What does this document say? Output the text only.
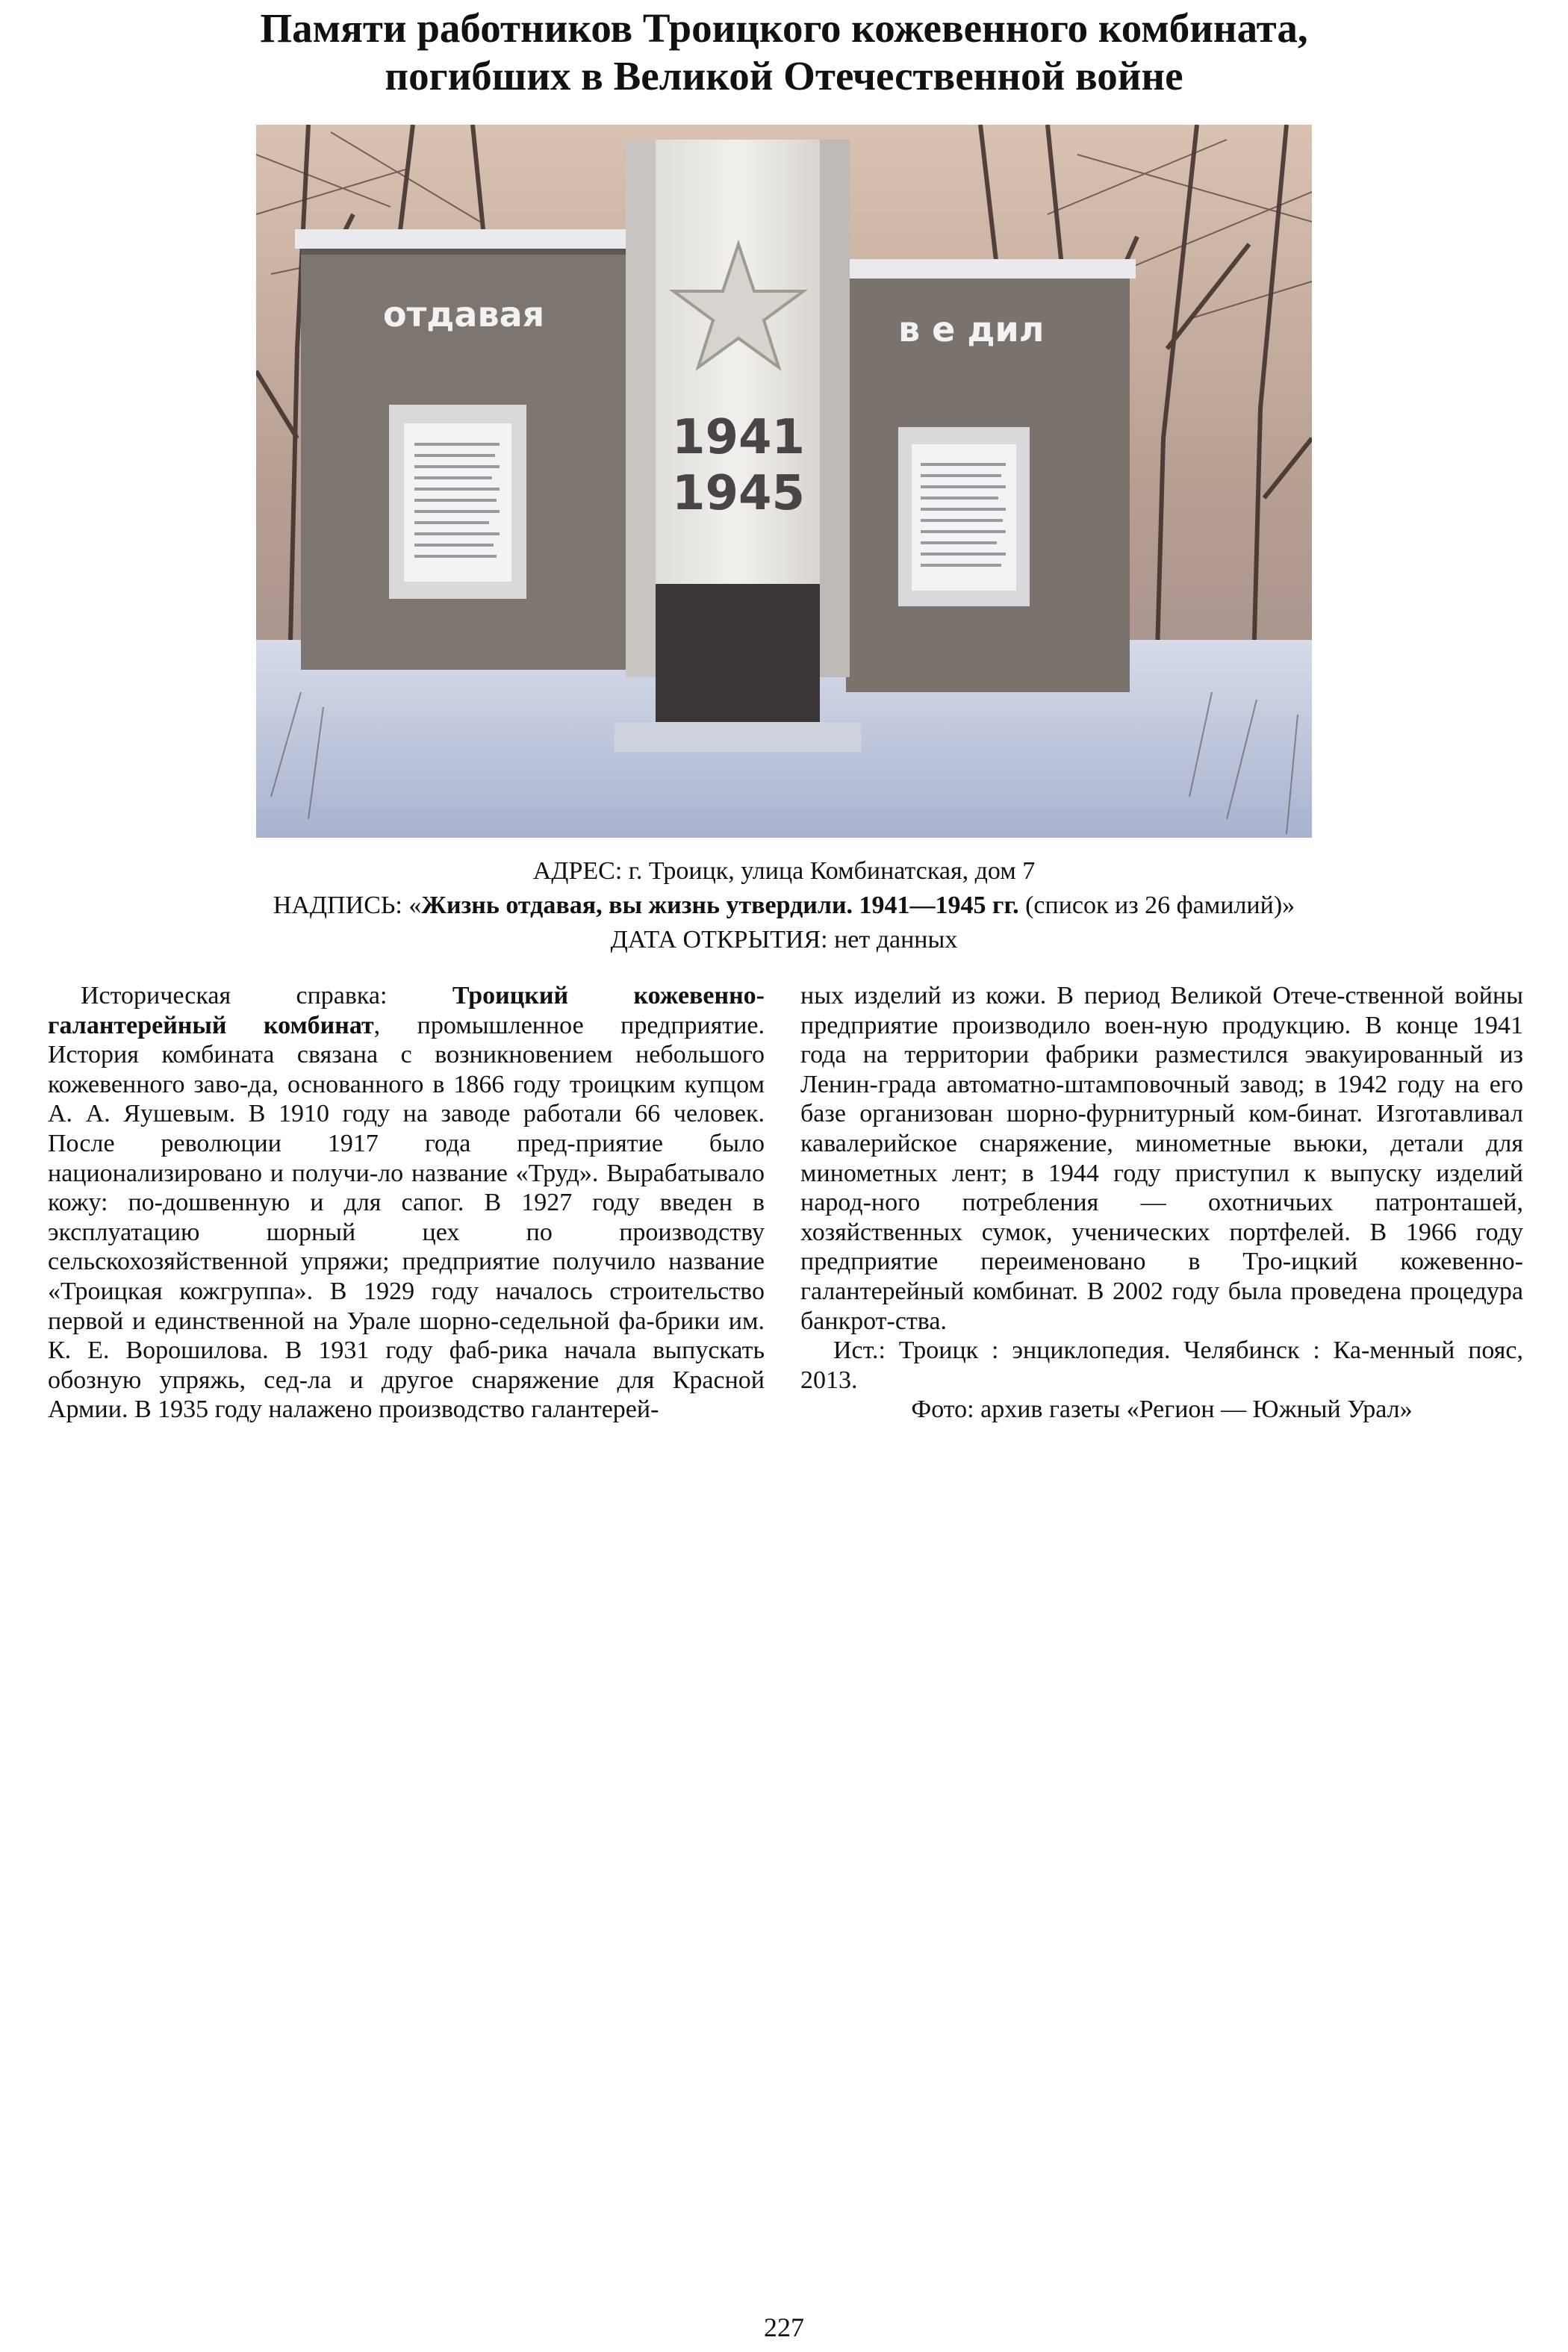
Памяти работников Троицкого кожевенного комбината,
погибших в Великой Отечественной войне
отдавая	в е дил
1941
1945
АДРЕС: г. Троицк, улица Комбинатская, дом 7
НАДПИСЬ: «Жизнь отдавая, вы жизнь утвердили. 1941—1945 гг. (список из 26 фамилий)»
ДАТА ОТКРЫТИЯ: нет данных

Историческая справка: Троицкий кожевенно-галантерейный комбинат, промышленное предприятие. История комбината связана с возникновением небольшого кожевенного заво-да, основанного в 1866 году троицким купцом А. А. Яушевым. В 1910 году на заводе работали 66 человек. После революции 1917 года пред-приятие было национализировано и получи-ло название «Труд». Вырабатывало кожу: по-дошвенную и для сапог. В 1927 году введен в эксплуатацию шорный цех по производству сельскохозяйственной упряжи; предприятие получило название «Троицкая кожгруппа». В 1929 году началось строительство первой и единственной на Урале шорно-седельной фа-брики им. К. Е. Ворошилова. В 1931 году фаб-рика начала выпускать обозную упряжь, сед-ла и другое снаряжение для Красной Армии. В 1935 году налажено производство галантерей-

ных изделий из кожи. В период Великой Отече-ственной войны предприятие производило воен-ную продукцию. В конце 1941 года на территории фабрики разместился эвакуированный из Ленин-града автоматно-штамповочный завод; в 1942 году на его базе организован шорно-фурнитурный ком-бинат. Изготавливал кавалерийское снаряжение, минометные вьюки, детали для минометных лент; в 1944 году приступил к выпуску изделий народ-ного потребления — охотничьих патронташей, хозяйственных сумок, ученических портфелей. В 1966 году предприятие переименовано в Тро-ицкий кожевенно-галантерейный комбинат. В 2002 году была проведена процедура банкрот-ства.

Ист.: Троицк : энциклопедия. Челябинск : Ка-менный пояс, 2013.

Фото: архив газеты «Регион — Южный Урал»

227
